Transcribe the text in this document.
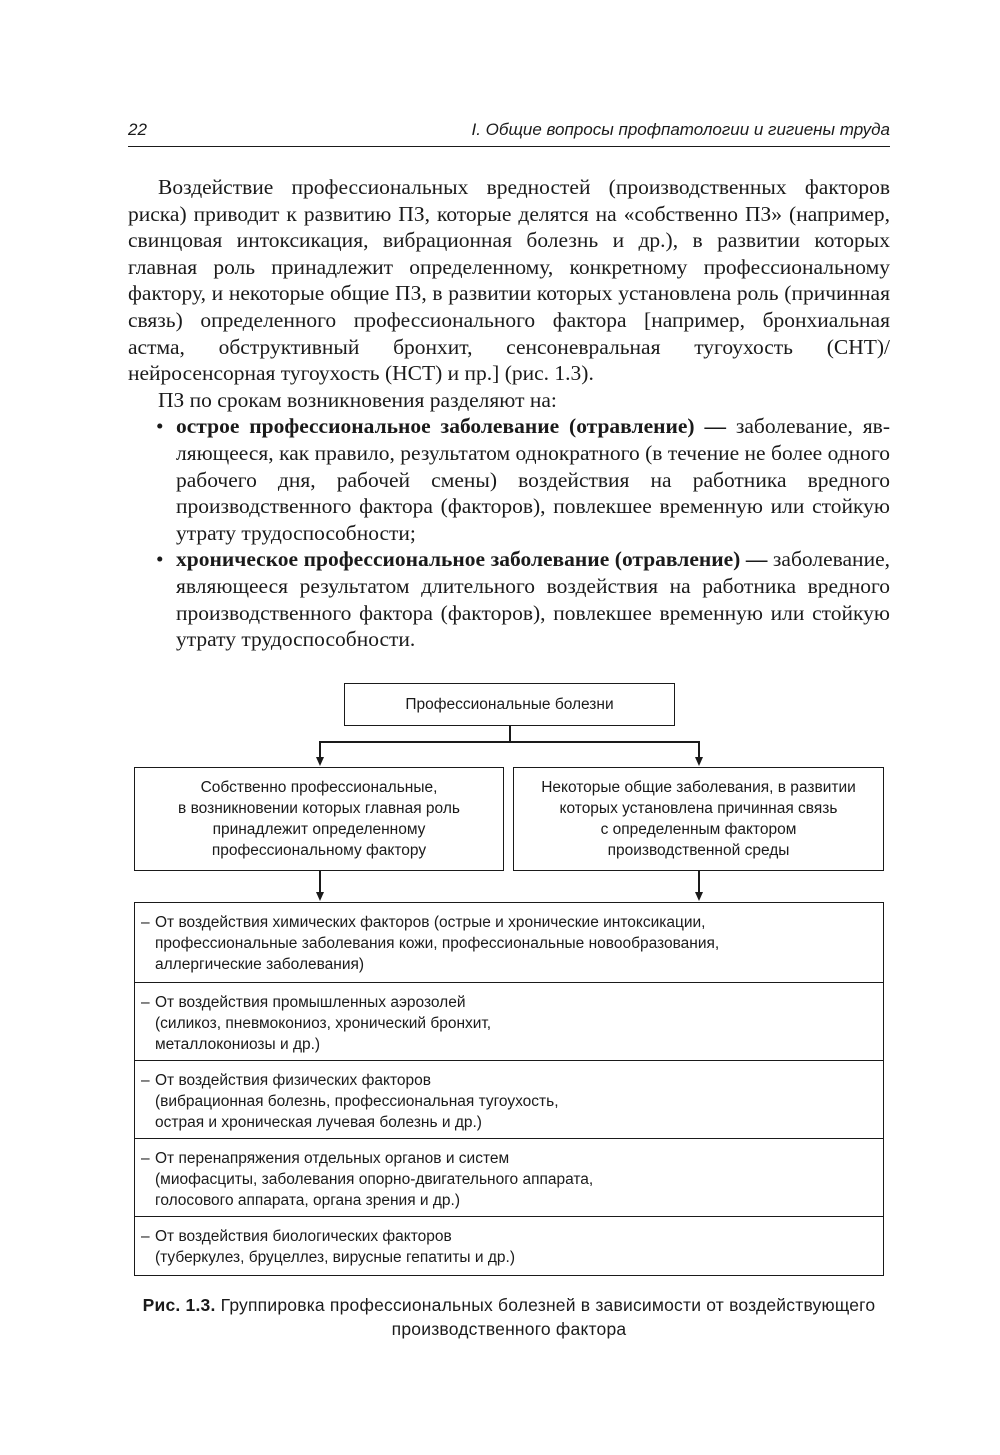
22	I. Общие вопросы профпатологии и гигиены труда

Воздействие профессиональных вредностей (производственных факторов риска) приводит к развитию ПЗ, которые делятся на «собственно ПЗ» (например, свинцовая интоксикация, вибрационная болезнь и др.), в развитии которых главная роль принадлежит определенному, конкретному профессиональному фактору, и некоторые общие ПЗ, в развитии которых установлена роль (причинная связь) определенного профессионального фактора [например, бронхиальная астма, обструктивный бронхит, сенсоневральная тугоухость (СНТ)/нейросенсорная тугоухость (НСТ) и пр.] (рис. 1.3).

ПЗ по срокам возникновения разделяют на:

• острое профессиональное заболевание (отравление) — заболевание, являющееся, как правило, результатом однократного (в течение не более одного рабочего дня, рабочей смены) воздействия на работника вредного производственного фактора (факторов), повлекшее временную или стойкую утрату трудоспособности;
• хроническое профессиональное заболевание (отравление) — заболевание, являющееся результатом длительного воздействия на работника вредного производственного фактора (факторов), повлекшее временную или стойкую утрату трудоспособности.
Профессиональные болезни
Собственно профессиональные,
в возникновении которых главная роль
принадлежит определенному
профессиональному фактору
Некоторые общие заболевания, в развитии
которых установлена причинная связь
с определенным фактором
производственной среды
– От воздействия химических факторов (острые и хронические интоксикации,
профессиональные заболевания кожи, профессиональные новообразования,
аллергические заболевания)
– От воздействия промышленных аэрозолей
(силикоз, пневмокониоз, хронический бронхит,
металлокониозы и др.)
– От воздействия физических факторов
(вибрационная болезнь, профессиональная тугоухость,
острая и хроническая лучевая болезнь и др.)
– От перенапряжения отдельных органов и систем
(миофасциты, заболевания опорно-двигательного аппарата,
голосового аппарата, органа зрения и др.)
– От воздействия биологических факторов
(туберкулез, бруцеллез, вирусные гепатиты и др.)
Рис. 1.3. Группировка профессиональных болезней в зависимости от воздействующего
производственного фактора
